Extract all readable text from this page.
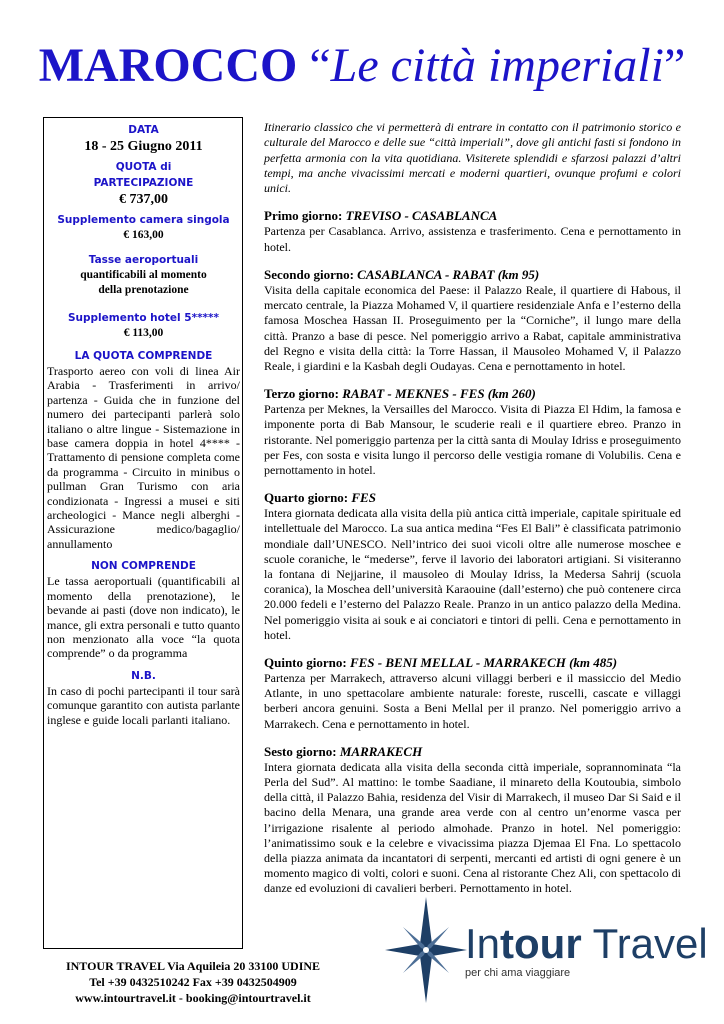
MAROCCO “Le città imperiali”
DATA
18 - 25 Giugno 2011
QUOTA di
PARTECIPAZIONE
€ 737,00
Supplemento camera singola
€ 163,00
Tasse aeroportuali
quantificabili al momento
della prenotazione
Supplemento hotel 5*****
€ 113,00
LA QUOTA COMPRENDE
Trasporto aereo con voli di linea Air Arabia - Trasferimenti in arrivo/ partenza - Guida che in funzione del numero dei partecipanti parlerà solo italiano o altre lingue - Sistemazione in base camera doppia in hotel 4**** - Trattamento di pensione completa come da programma - Circuito in minibus o pullman Gran Turismo con aria condizionata - Ingressi a musei e siti archeologici - Mance negli alberghi - Assicurazione medico/bagaglio/ annullamento
NON COMPRENDE
Le tassa aeroportuali (quantificabili al momento della prenotazione), le bevande ai pasti (dove non indicato), le mance, gli extra personali e tutto quanto non menzionato alla voce “la quota comprende” o da programma
N.B.
In caso di pochi partecipanti il tour sarà comunque garantito con autista parlante inglese e guide locali parlanti italiano.

Itinerario classico che vi permetterà di entrare in contatto con il patrimonio storico e culturale del Marocco e delle sue “città imperiali”, dove gli antichi fasti si fondono in perfetta armonia con la vita quotidiana. Visiterete splendidi e sfarzosi palazzi d’altri tempi, ma anche vivacissimi mercati e moderni quartieri, ovunque profumi e colori unici.

Primo giorno: TREVISO - CASABLANCA

Partenza per Casablanca. Arrivo, assistenza e trasferimento. Cena e pernottamento in hotel.

Secondo giorno: CASABLANCA - RABAT (km 95)

Visita della capitale economica del Paese: il Palazzo Reale, il quartiere di Habous, il mercato centrale, la Piazza Mohamed V, il quartiere residenziale Anfa e l’esterno della famosa Moschea Hassan II. Proseguimento per la “Corniche”, il lungo mare della città. Pranzo a base di pesce. Nel pomeriggio arrivo a Rabat, capitale amministrativa del Regno e visita della città: la Torre Hassan, il Mausoleo Mohamed V, il Palazzo Reale, i giardini e la Kasbah degli Oudayas. Cena e pernottamento in hotel.

Terzo giorno: RABAT - MEKNES - FES (km 260)

Partenza per Meknes, la Versailles del Marocco. Visita di Piazza El Hdim, la famosa e imponente porta di Bab Mansour, le scuderie reali e il quartiere ebreo. Pranzo in ristorante. Nel pomeriggio partenza per la città santa di Moulay Idriss e proseguimento per Fes, con sosta e visita lungo il percorso delle vestigia romane di Volubilis. Cena e pernottamento in hotel.

Quarto giorno: FES

Intera giornata dedicata alla visita della più antica città imperiale, capitale spirituale ed intellettuale del Marocco. La sua antica medina “Fes El Bali” è classificata patrimonio mondiale dall’UNESCO. Nell’intrico dei suoi vicoli oltre alle numerose moschee e scuole coraniche, le “mederse”, ferve il lavorio dei laboratori artigiani. Si visiteranno la fontana di Nejjarine, il mausoleo di Moulay Idriss, la Medersa Sahrij (scuola coranica), la Moschea dell’università Karaouine (dall’esterno) che può contenere circa 20.000 fedeli e l’esterno del Palazzo Reale. Pranzo in un antico palazzo della Medina. Nel pomeriggio visita ai souk e ai conciatori e tintori di pelli. Cena e pernottamento in hotel.

Quinto giorno: FES - BENI MELLAL - MARRAKECH (km 485)

Partenza per Marrakech, attraverso alcuni villaggi berberi e il massiccio del Medio Atlante, in uno spettacolare ambiente naturale: foreste, ruscelli, cascate e villaggi berberi ancora genuini. Sosta a Beni Mellal per il pranzo. Nel pomeriggio arrivo a Marrakech. Cena e pernottamento in hotel.

Sesto giorno: MARRAKECH

Intera giornata dedicata alla visita della seconda città imperiale, soprannominata “la Perla del Sud”. Al mattino: le tombe Saadiane, il minareto della Koutoubia, simbolo della città, il Palazzo Bahia, residenza del Visir di Marrakech, il museo Dar Si Said e il bacino della Menara, una grande area verde con al centro un’enorme vasca per l’irrigazione risalente al periodo almohade. Pranzo in hotel. Nel pomeriggio: l’animatissimo souk e la celebre e vivacissima piazza Djemaa El Fna. Lo spettacolo della piazza animata da incantatori di serpenti, mercanti ed artisti di ogni genere è un momento magico di volti, colori e suoni. Cena al ristorante Chez Ali, con spettacolo di danze ed evoluzioni di cavalieri berberi. Pernottamento in hotel.

INTOUR TRAVEL Via Aquileia 20 33100 UDINE
Tel +39 0432510242 Fax +39 0432504909
www.intourtravel.it - booking@intourtravel.it
Intour Travel
per chi ama viaggiare
